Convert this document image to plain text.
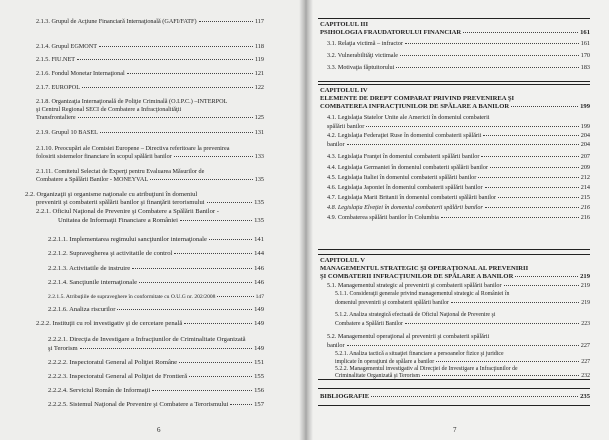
2.1.3. Grupul de Acţiune Financiară Internaţională (GAFI/FATF)	117
2.1.4. Grupul EGMONT	118
2.1.5. FIU.NET	119
2.1.6. Fondul Monetar Internaţional	121
2.1.7. EUROPOL	122
2.1.8. Organizaţia Internaţională de Poliţie Criminală (O.I.P.C.) –INTERPOL
şi Centrul Regional SECI de Combatere a Infracţionalităţii
Transfrontaliere	125
2.1.9. Grupul 10 BASEL	131
2.1.10. Preocupări ale Comisiei Europene – Directiva referitoare la prevenirea
folosirii sistemelor financiare în scopul spălării banilor	133
2.1.11. Comitetul Selectat de Experţi pentru Evaluarea Măsurilor de
Combatere a Spălării Banilor - MONEYVAL	135
2.2. Organizaţii şi organisme naţionale cu atribuţiuni în domeniul
prevenirii şi combaterii spălării banilor şi finanţării terorismului	135
2.2.1. Oficiul Naţional de Prevenire şi Combatere a Spălării Banilor -
Unitatea de Informaţii Financiare a României	135
2.2.1.1. Implementarea regimului sancţiunilor internaţionale	141
2.2.1.2. Supravegherea şi activitatile de control	144
2.2.1.3. Activitatile de instruire	146
2.2.1.4. Sancţiunile internaţionale	146
2.2.1.5. Atribuţiile de supraveghere în conformitate cu O.U.G nr. 202/2008	147
2.2.1.6. Analiza riscurilor	149
2.2.2. Instituţii cu rol investigativ şi de cercetare penală	149
2.2.2.1. Direcţia de Investigare a Infracţiunilor de Criminalitate Organizată
şi Terorism	149
2.2.2.2. Inspectoratul General al Poliţiei Române	151
2.2.2.3. Inspectoratul General al Poliţiei de Frontieră	155
2.2.2.4. Serviciul Român de Informaţii	156
2.2.2.5. Sistemul Naţional de Prevenire şi Combatere a Terorismului	157
6
CAPITOLUL III
PSIHOLOGIA FRAUDATORULUI FINANCIAR	161
3.1. Relaţia victimă – infractor	161
3.2. Vulnerabilităţi victimale	170
3.3. Motivaţia făptuitorului	183
CAPITOLUL IV
ELEMENTE DE DREPT COMPARAT PRIVIND PREVENIREA ŞI
COMBATEREA INFRACŢIUNILOR DE SPĂLARE A BANILOR	199
4.1. Legislaţia Statelor Unite ale Americii în domeniul combaterii
spălării banilor	199
4.2. Legislaţia Federaţiei Ruse în domeniul combaterii spălării	204
banilor	204
4.3. Legislaţia Franţei în domeniul combaterii spălării banilor	207
4.4. Legislaţia Germaniei în domeniul combaterii spălării banilor	209
4.5. Legislaţia Italiei în domeniul combaterii spălării banilor	212
4.6. Legislaţia Japoniei în domeniul combaterii spălării banilor	214
4.7. Legislaţia Marii Britanii în domeniul combaterii spălării banilor	215
4.8. Legislaţia Elveţiei în domeniul combaterii spălării banilor	216
4.9. Combaterea spălării banilor în Columbia	216
CAPITOLUL V
MANAGEMENTUL STRATEGIC ŞI OPERAŢIONAL AL PREVENIRII
ŞI COMBATERII INFRACŢIUNILOR DE SPĂLARE A BANILOR	219
5.1. Managementul strategic al prevenirii şi combaterii spălării banilor	219
5.1.1. Consideraţii generale privind managementul strategic al României în
domeniul prevenirii şi combaterii spălării banilor	219
5.1.2. Analiza strategică efectuată de Oficiul Naţional de Prevenire şi
Combatere a Spălării Banilor	223
5.2. Managementul operaţional al prevenirii şi combaterii spălării
banilor	227
5.2.1. Analiza tactică a situaţiei financiare a persoanelor fizice şi juridice
implicate în operaţiuni de spălare a banilor	227
5.2.2. Managementul investigativ al Direcţiei de Investigare a Infracţiunilor de
Criminalitate Organizată şi Terorism	232
BIBLIOGRAFIE	235
7
